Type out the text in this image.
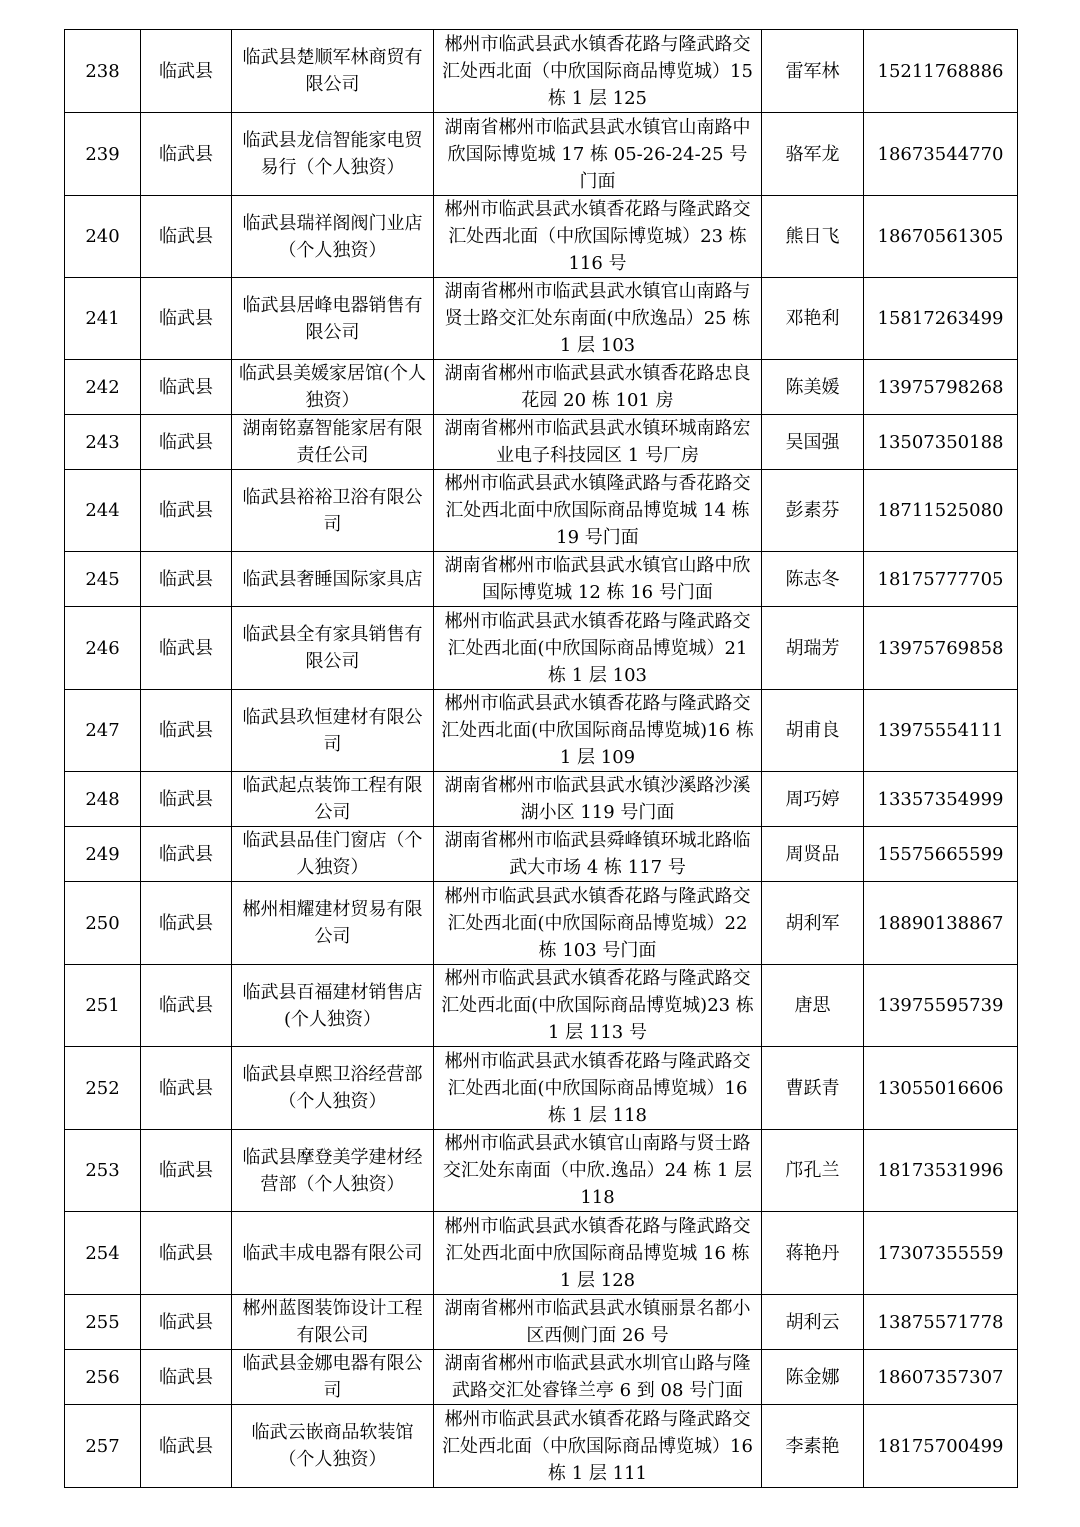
238	临武县	临武县楚顺军林商贸有限公司	郴州市临武县武水镇香花路与隆武路交汇处西北面（中欣国际商品博览城）15 栋 1 层 125	雷军林	15211768886
239	临武县	临武县龙信智能家电贸易行（个人独资）	湖南省郴州市临武县武水镇官山南路中欣国际博览城 17 栋 05-26-24-25 号门面	骆军龙	18673544770
240	临武县	临武县瑞祥阁阀门业店（个人独资）	郴州市临武县武水镇香花路与隆武路交汇处西北面（中欣国际博览城）23 栋 116 号	熊日飞	18670561305
241	临武县	临武县居峰电器销售有限公司	湖南省郴州市临武县武水镇官山南路与贤士路交汇处东南面(中欣逸品）25 栋 1 层 103	邓艳利	15817263499
242	临武县	临武县美媛家居馆(个人独资）	湖南省郴州市临武县武水镇香花路忠良花园 20 栋 101 房	陈美媛	13975798268
243	临武县	湖南铭嘉智能家居有限责任公司	湖南省郴州市临武县武水镇环城南路宏业电子科技园区 1 号厂房	吴国强	13507350188
244	临武县	临武县裕裕卫浴有限公司	郴州市临武县武水镇隆武路与香花路交汇处西北面中欣国际商品博览城 14 栋 19 号门面	彭素芬	18711525080
245	临武县	临武县奢睡国际家具店	湖南省郴州市临武县武水镇官山路中欣国际博览城 12 栋 16 号门面	陈志冬	18175777705
246	临武县	临武县全有家具销售有限公司	郴州市临武县武水镇香花路与隆武路交汇处西北面(中欣国际商品博览城）21 栋 1 层 103	胡瑞芳	13975769858
247	临武县	临武县玖恒建材有限公司	郴州市临武县武水镇香花路与隆武路交汇处西北面(中欣国际商品博览城)16 栋 1 层 109	胡甫良	13975554111
248	临武县	临武起点装饰工程有限公司	湖南省郴州市临武县武水镇沙溪路沙溪湖小区 119 号门面	周巧婷	13357354999
249	临武县	临武县品佳门窗店（个人独资）	湖南省郴州市临武县舜峰镇环城北路临武大市场 4 栋 117 号	周贤品	15575665599
250	临武县	郴州相耀建材贸易有限公司	郴州市临武县武水镇香花路与隆武路交汇处西北面(中欣国际商品博览城）22 栋 103 号门面	胡利军	18890138867
251	临武县	临武县百福建材销售店(个人独资）	郴州市临武县武水镇香花路与隆武路交汇处西北面(中欣国际商品博览城)23 栋 1 层 113 号	唐思	13975595739
252	临武县	临武县卓熙卫浴经营部（个人独资）	郴州市临武县武水镇香花路与隆武路交汇处西北面(中欣国际商品博览城）16 栋 1 层 118	曹跃青	13055016606
253	临武县	临武县摩登美学建材经营部（个人独资）	郴州市临武县武水镇官山南路与贤士路交汇处东南面（中欣.逸品）24 栋 1 层 118	邝孔兰	18173531996
254	临武县	临武丰成电器有限公司	郴州市临武县武水镇香花路与隆武路交汇处西北面中欣国际商品博览城 16 栋 1 层 128	蒋艳丹	17307355559
255	临武县	郴州蓝图装饰设计工程有限公司	湖南省郴州市临武县武水镇丽景名都小区西侧门面 26 号	胡利云	13875571778
256	临武县	临武县金娜电器有限公司	湖南省郴州市临武县武水圳官山路与隆武路交汇处睿锋兰亭 6 到 08 号门面	陈金娜	18607357307
257	临武县	临武云嵌商品软装馆（个人独资）	郴州市临武县武水镇香花路与隆武路交汇处西北面（中欣国际商品博览城）16 栋 1 层 111	李素艳	18175700499
